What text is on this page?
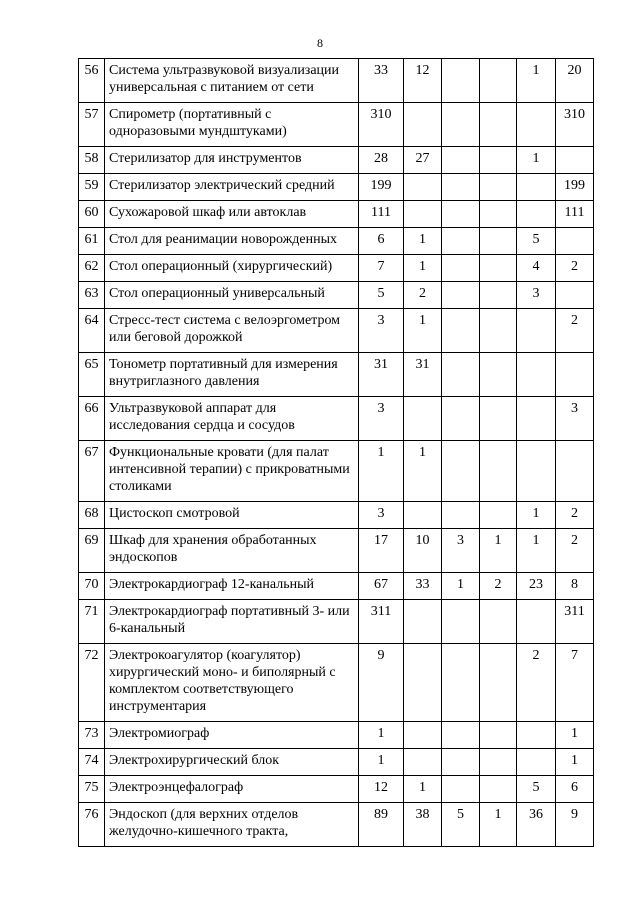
8
56	Система ультразвуковой визуализации универсальная с питанием от сети	33	12			1	20
57	Спирометр (портативный с одноразовыми мундштуками)	310					310
58	Стерилизатор для инструментов	28	27			1	
59	Стерилизатор электрический средний	199					199
60	Сухожаровой шкаф или автоклав	111					111
61	Стол для реанимации новорожденных	6	1			5	
62	Стол операционный (хирургический)	7	1			4	2
63	Стол операционный универсальный	5	2			3	
64	Стресс-тест система с велоэргометром или беговой дорожкой	3	1				2
65	Тонометр портативный для измерения внутриглазного давления	31	31				
66	Ультразвуковой аппарат для исследования сердца и сосудов	3					3
67	Функциональные кровати (для палат интенсивной терапии) с прикроватными столиками	1	1				
68	Цистоскоп смотровой	3				1	2
69	Шкаф для хранения обработанных эндоскопов	17	10	3	1	1	2
70	Электрокардиограф 12-канальный	67	33	1	2	23	8
71	Электрокардиограф портативный 3- или 6-канальный	311					311
72	Электрокоагулятор (коагулятор) хирургический моно- и биполярный с комплектом соответствующего инструментария	9				2	7
73	Электромиограф	1					1
74	Электрохирургический блок	1					1
75	Электроэнцефалограф	12	1			5	6
76	Эндоскоп (для верхних отделов желудочно-кишечного тракта,	89	38	5	1	36	9
